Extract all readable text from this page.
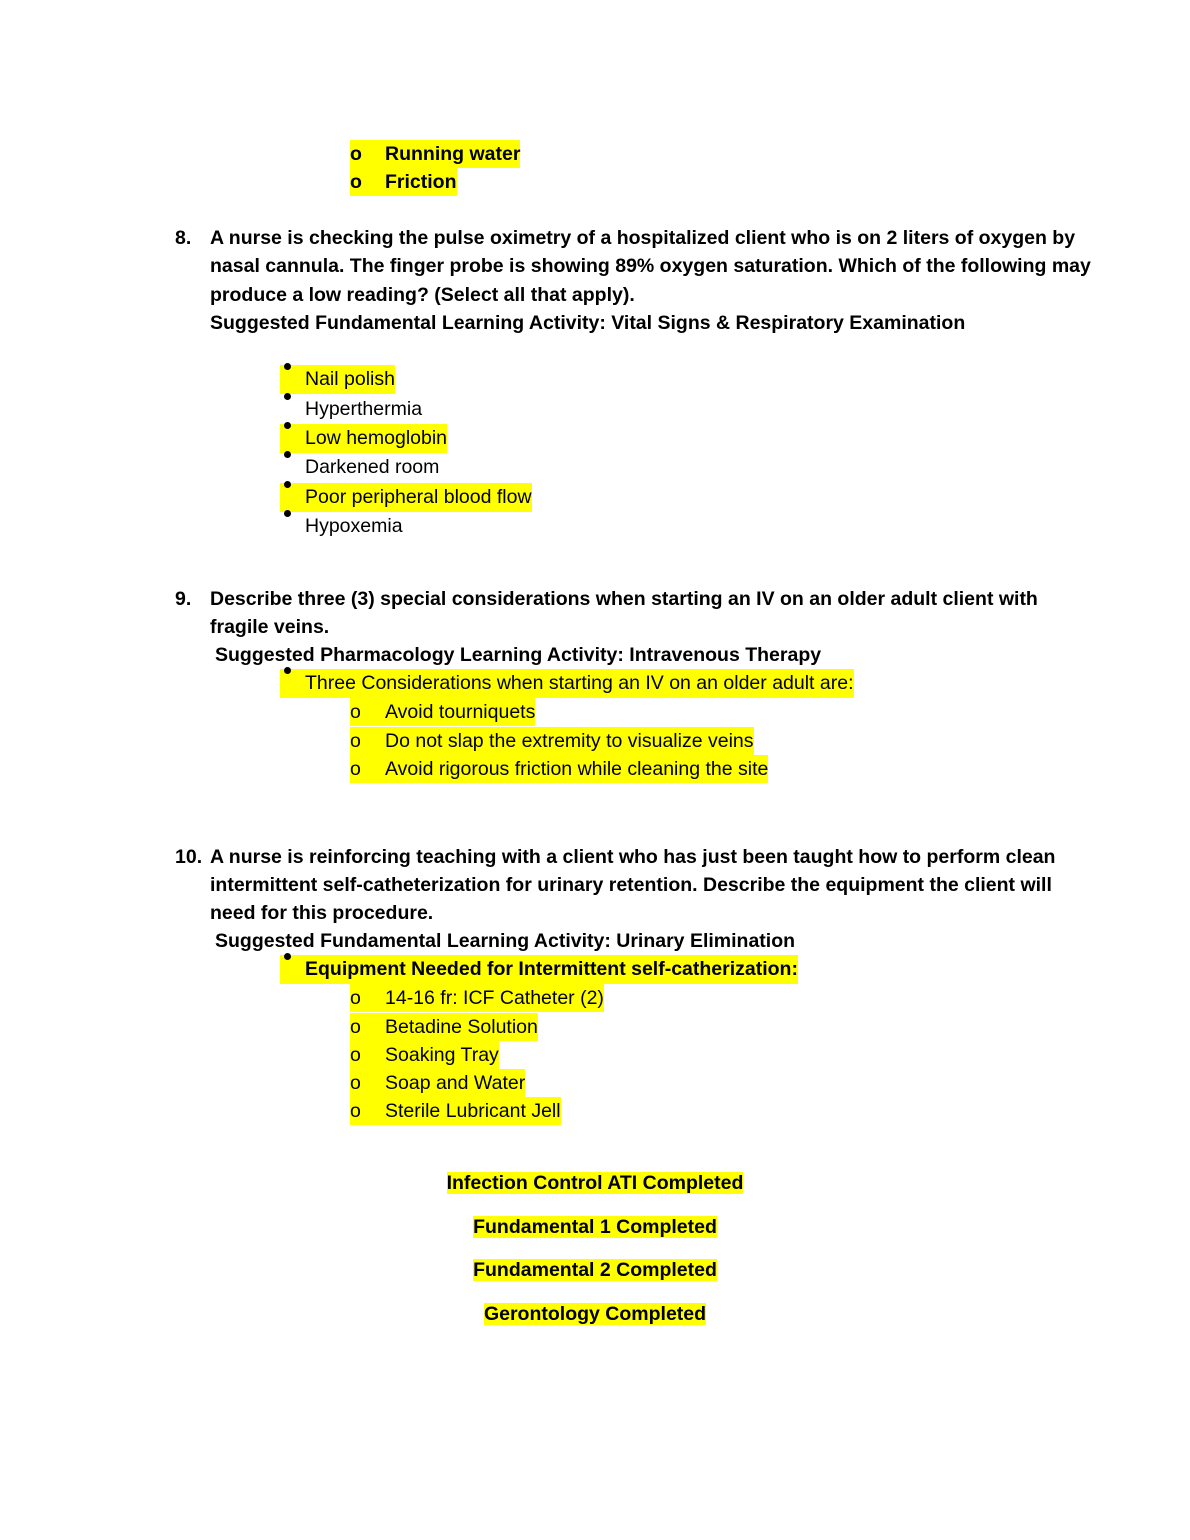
o	Running water
o	Friction
8. A nurse is checking the pulse oximetry of a hospitalized client who is on 2 liters of oxygen by
nasal cannula. The finger probe is showing 89% oxygen saturation. Which of the following may
produce a low reading? (Select all that apply).
Suggested Fundamental Learning Activity: Vital Signs & Respiratory Examination
Nail polish
Hyperthermia
Low hemoglobin
Darkened room
Poor peripheral blood flow
Hypoxemia
9. Describe three (3) special considerations when starting an IV on an older adult client with
fragile veins.
Suggested Pharmacology Learning Activity: Intravenous Therapy
Three Considerations when starting an IV on an older adult are:
o	Avoid tourniquets
o	Do not slap the extremity to visualize veins
o	Avoid rigorous friction while cleaning the site
10. A nurse is reinforcing teaching with a client who has just been taught how to perform clean
intermittent self-catheterization for urinary retention. Describe the equipment the client will
need for this procedure.
Suggested Fundamental Learning Activity: Urinary Elimination
Equipment Needed for Intermittent self-catherization:
o	14-16 fr: ICF Catheter (2)
o	Betadine Solution
o	Soaking Tray
o	Soap and Water
o	Sterile Lubricant Jell
Infection Control ATI Completed
Fundamental 1 Completed
Fundamental 2 Completed
Gerontology Completed
